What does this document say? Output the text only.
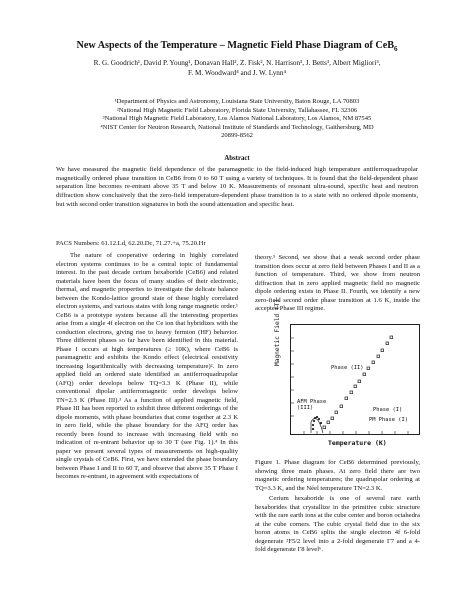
New Aspects of the Temperature – Magnetic Field Phase Diagram of CeB$_6$
R. G. Goodrich¹, David P. Young¹, Donavan Hall², Z. Fisk², N. Harrison³, J. Betts³, Albert Migliori³,
F. M. Woodward⁴ and J. W. Lynn⁴
¹Department of Physics and Astronomy, Louisiana State University, Baton Rouge, LA 70803
²National High Magnetic Field Laboratory, Florida State University, Tallahassee, FL 32306
³National High Magnetic Field Laboratory, Los Alamos National Laboratory, Los Alamos, NM 87545
⁴NIST Center for Neutron Research, National Institute of Standards and Technology, Gaithersburg, MD
20899-8562
Abstract
We have measured the magnetic field dependence of the paramagnetic to the field-induced high temperature antiferroquadrupolar magnetically ordered phase transition in CeB6 from 0 to 60 T using a variety of techniques. It is found that the field-dependent phase separation line becomes re-entrant above 35 T and below 10 K. Measurements of resonant ultra-sound, specific heat and neutron diffraction show conclusively that the zero-field temperature-dependent phase transition is to a state with no ordered dipole moments, but with second order transition signatures in both the sound attenuation and specific heat.
PACS Numbers: 61.12.Ld, 62.20.Dc, 71.27.+a, 75.20.Hr

The nature of cooperative ordering in highly correlated electron systems continues to be a central topic of fundamental interest. In the past decade cerium hexaboride (CeB6) and related materials have been the focus of many studies of their electronic, thermal, and magnetic properties to investigate the delicate balance between the Kondo-lattice ground state of these highly correlated electron systems, and various states with long range magnetic order.¹ CeB6 is a prototype system because all the interesting properties arise from a single 4f electron on the Ce ion that hybridizes with the conduction electrons, giving rise to heavy fermion (HF) behavior. Three different phases so far have been identified in this material. Phase I occurs at high temperatures (≥ 10K), where CeB6 is paramagnetic and exhibits the Kondo effect (electrical resistivity increasing logarithmically with decreasing temperature)². In zero applied field an ordered state identified as antiferroquadrupolar (AFQ) order develops below TQ=3.3 K (Phase II), while conventional dipolar antiferromagnetic order develops below TN=2.3 K (Phase III).³ As a function of applied magnetic field, Phase III has been reported to exhibit three different orderings of the dipole moments, with phase boundaries that come together at 2.3 K in zero field, while the phase boundary for the AFQ order has recently been found to increase with increasing field with no indication of re-entrant behavior up to 30 T (see Fig. 1).⁴ In this paper we present several types of measurements on high-quality single crystals of CeB6. First, we have extended the phase boundary between Phase I and II to 60 T, and observe that above 35 T Phase I becomes re-entrant, in agreement with expectations of

theory.⁵ Second, we show that a weak second order phase transition does occur at zero field between Phases I and II as a function of temperature. Third, we show from neutron diffraction that in zero applied magnetic field no magnetic dipole ordering exists in Phase II. Fourth, we identify a new zero-field second order phase transition at 1.6 K, inside the accepted Phase III regime.

Magnetic Field (T)
Phase (II)
Phase (I)
AFM Phase (III)
PM Phase (I)
Temperature (K)

Figure 1. Phase diagram for CeB6 determined previously, showing three main phases. At zero field there are two magnetic ordering temperatures; the quadrupolar ordering at TQ=3.3 K, and the Néel temperature TN=2.3 K.

Cerium hexaboride is one of several rare earth hexaborides that crystallize in the primitive cubic structure with the rare earth ions at the cube center and boron octahedra at the cube corners. The cubic crystal field due to the six boron atoms in CeB6 splits the single electron 4f 6-fold degenerate ²F5/2 level into a 2-fold degenerate Γ7 and a 4-fold degenerate Γ8 level⁶.
